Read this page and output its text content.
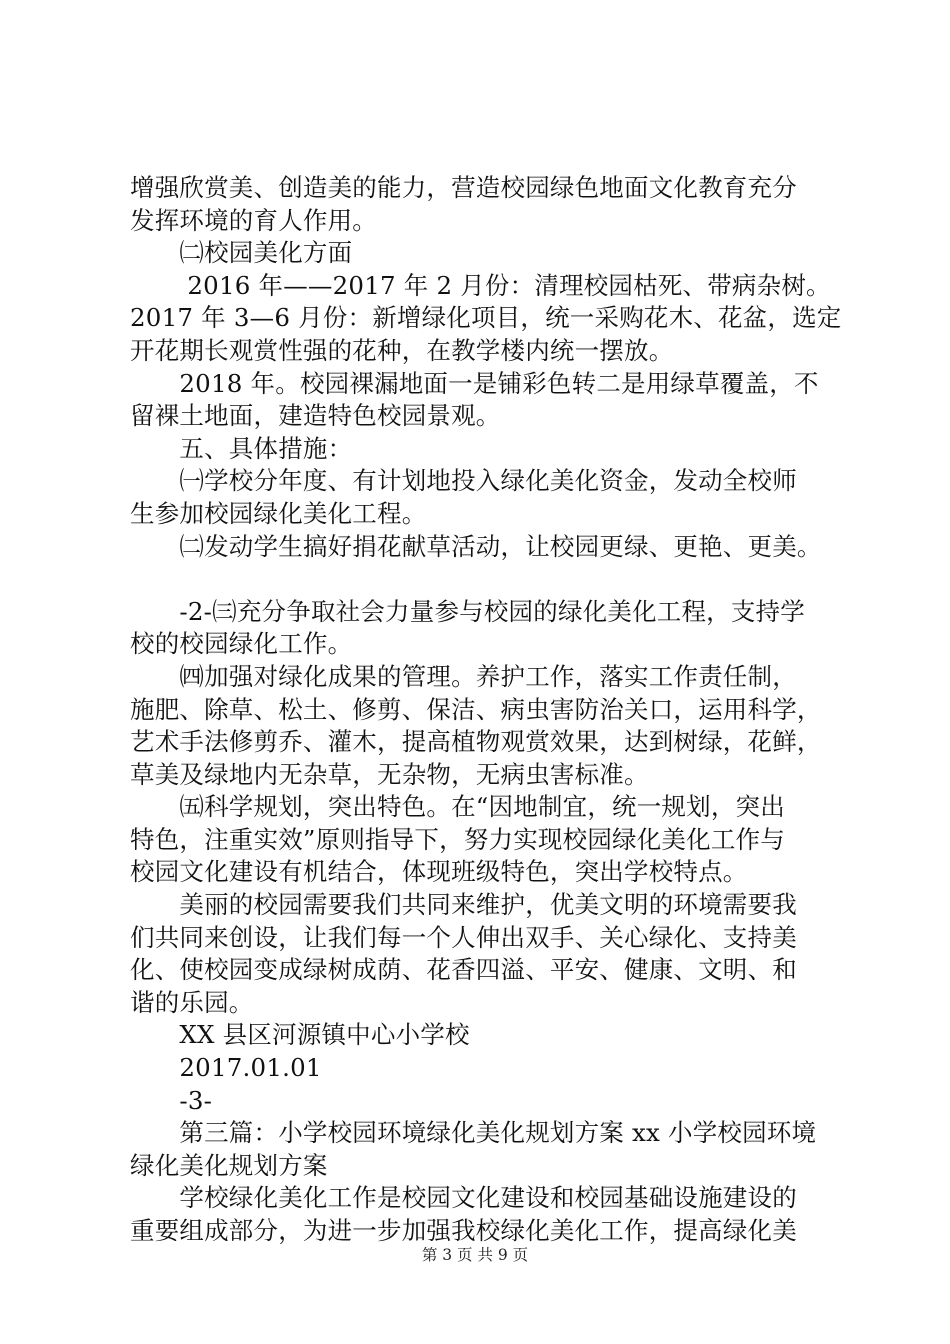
增强欣赏美、创造美的能力，营造校园绿色地面文化教育充分
发挥环境的育人作用。
　　㈡校园美化方面
　　 2016 年——2017 年 2 月份：清理校园枯死、带病杂树。
2017 年 3—6 月份：新增绿化项目，统一采购花木、花盆，选定
开花期长观赏性强的花种，在教学楼内统一摆放。
　　2018 年。校园裸漏地面一是铺彩色转二是用绿草覆盖，不
留裸土地面，建造特色校园景观。
　　五、具体措施：
　　㈠学校分年度、有计划地投入绿化美化资金，发动全校师
生参加校园绿化美化工程。
　　㈡发动学生搞好捐花献草活动，让校园更绿、更艳、更美。
　　-2-㈢充分争取社会力量参与校园的绿化美化工程，支持学
校的校园绿化工作。
　　㈣加强对绿化成果的管理。养护工作，落实工作责任制，
施肥、除草、松土、修剪、保洁、病虫害防治关口，运用科学，
艺术手法修剪乔、灌木，提高植物观赏效果，达到树绿，花鲜，
草美及绿地内无杂草，无杂物，无病虫害标准。
　　㈤科学规划，突出特色。在“因地制宜，统一规划，突出
特色，注重实效”原则指导下，努力实现校园绿化美化工作与
校园文化建设有机结合，体现班级特色，突出学校特点。
　　美丽的校园需要我们共同来维护，优美文明的环境需要我
们共同来创设，让我们每一个人伸出双手、关心绿化、支持美
化、使校园变成绿树成荫、花香四溢、平安、健康、文明、和
谐的乐园。
　　XX 县区河源镇中心小学校
　　2017.01.01
　　-3-
　　第三篇：小学校园环境绿化美化规划方案 xx 小学校园环境
绿化美化规划方案
　　学校绿化美化工作是校园文化建设和校园基础设施建设的
重要组成部分，为进一步加强我校绿化美化工作，提高绿化美
第 3 页 共 9 页
